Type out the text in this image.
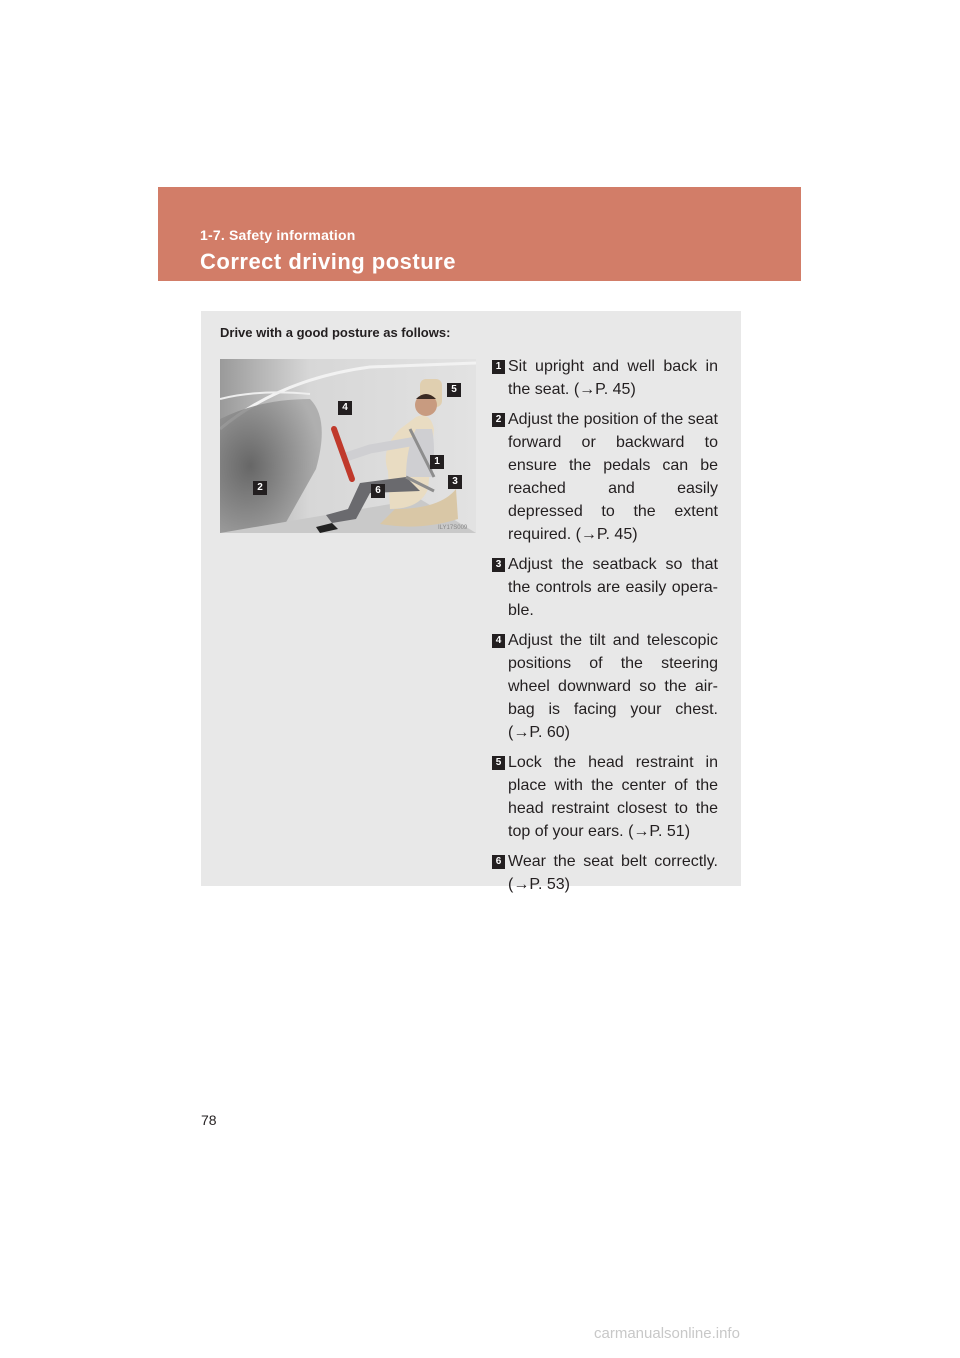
1-7. Safety information
Correct driving posture
Drive with a good posture as follows:
ILY17S009
1
2
3
4
5
6
1 Sit upright and well back in the seat. (→P. 45)
2 Adjust the position of the seat forward or backward to ensure the pedals can be reached and easily depressed to the extent required. (→P. 45)
3 Adjust the seatback so that the controls are easily opera-ble.
4 Adjust the tilt and telescopic positions of the steering wheel downward so the air-bag is facing your chest. (→P. 60)
5 Lock the head restraint in place with the center of the head restraint closest to the top of your ears. (→P. 51)
6 Wear the seat belt correctly. (→P. 53)
78
carmanualsonline.info
